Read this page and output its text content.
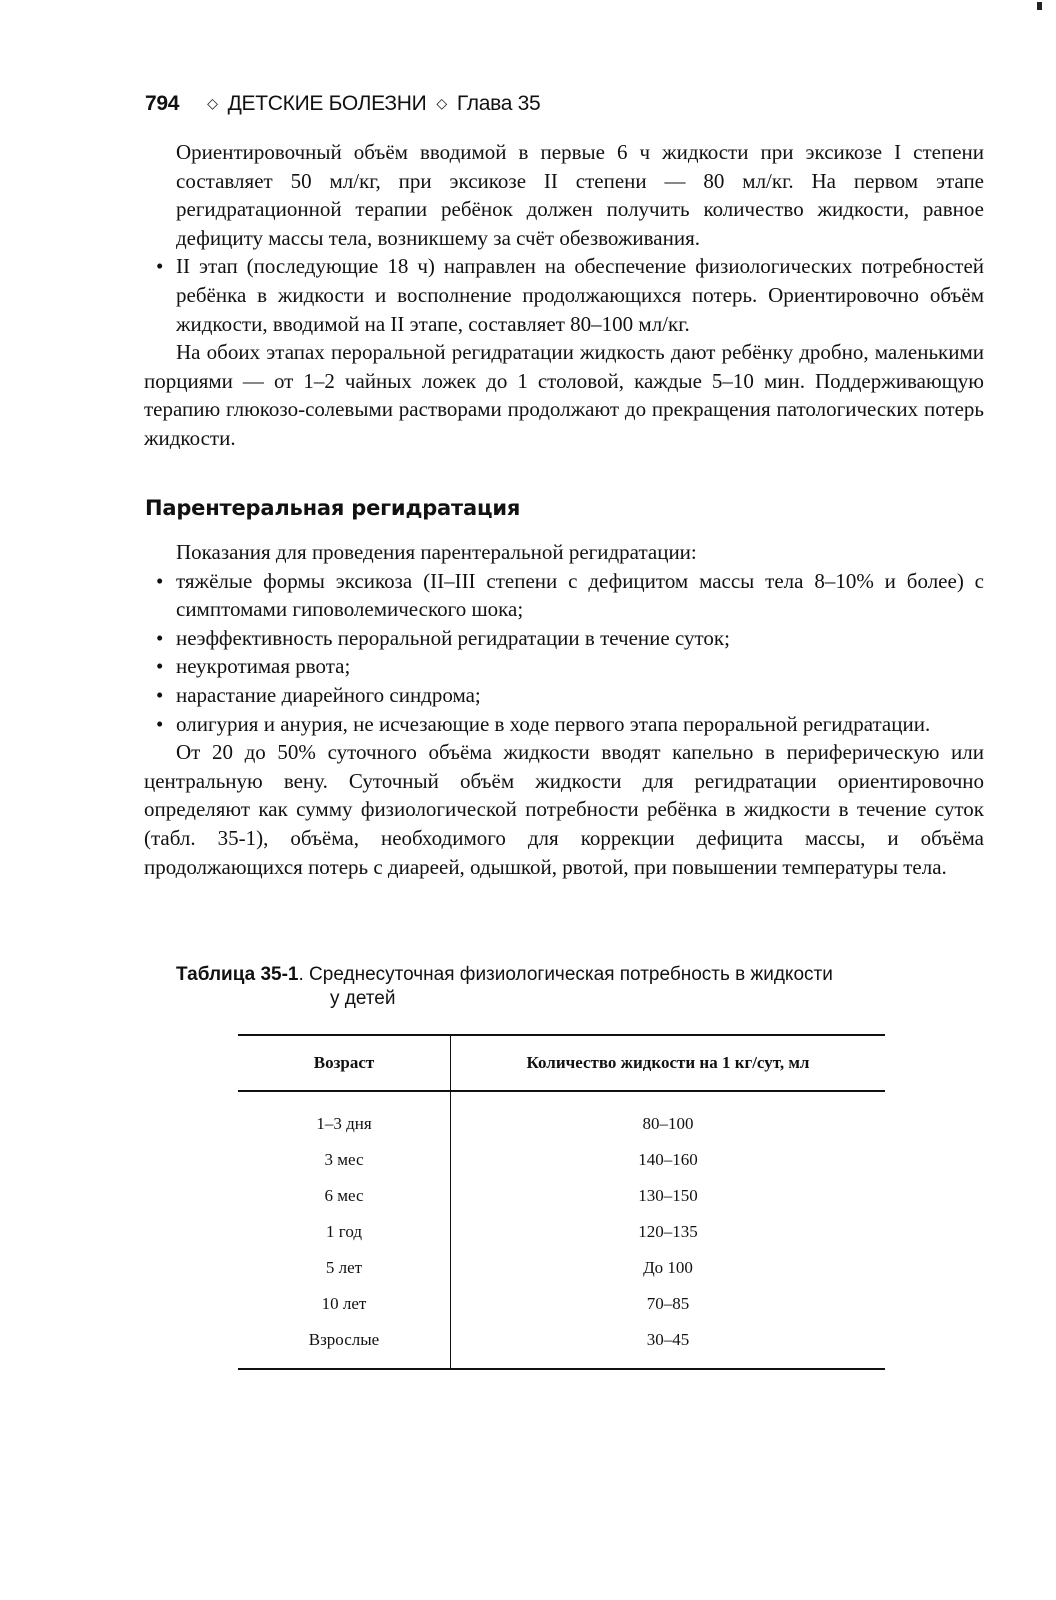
794 ◇ ДЕТСКИЕ БОЛЕЗНИ ◇ Глава 35

Ориентировочный объём вводимой в первые 6 ч жидкости при эксикозе I степени составляет 50 мл/кг, при эксикозе II степени — 80 мл/кг. На первом этапе регидратационной терапии ребёнок должен получить количество жидкости, равное дефициту массы тела, возникшему за счёт обезвоживания.

• II этап (последующие 18 ч) направлен на обеспечение физиологических потребностей ребёнка в жидкости и восполнение продолжающихся потерь. Ориентировочно объём жидкости, вводимой на II этапе, составляет 80–100 мл/кг.

На обоих этапах пероральной регидратации жидкость дают ребёнку дробно, маленькими порциями — от 1–2 чайных ложек до 1 столовой, каждые 5–10 мин. Поддерживающую терапию глюкозо-солевыми растворами продолжают до прекращения патологических потерь жидкости.

Парентеральная регидратация

Показания для проведения парентеральной регидратации:

• тяжёлые формы эксикоза (II–III степени с дефицитом массы тела 8–10% и более) с симптомами гиповолемического шока;

• неэффективность пероральной регидратации в течение суток;

• неукротимая рвота;

• нарастание диарейного синдрома;

• олигурия и анурия, не исчезающие в ходе первого этапа пероральной регидратации.

От 20 до 50% суточного объёма жидкости вводят капельно в периферическую или центральную вену. Суточный объём жидкости для регидратации ориентировочно определяют как сумму физиологической потребности ребёнка в жидкости в течение суток (табл. 35-1), объёма, необходимого для коррекции дефицита массы, и объёма продолжающихся потерь с диареей, одышкой, рвотой, при повышении температуры тела.

Таблица 35-1. Среднесуточная физиологическая потребность в жидкости
у детей
Возраст	Количество жидкости на 1 кг/сут, мл
1–3 дня	80–100
3 мес	140–160
6 мес	130–150
1 год	120–135
5 лет	До 100
10 лет	70–85
Взрослые	30–45
